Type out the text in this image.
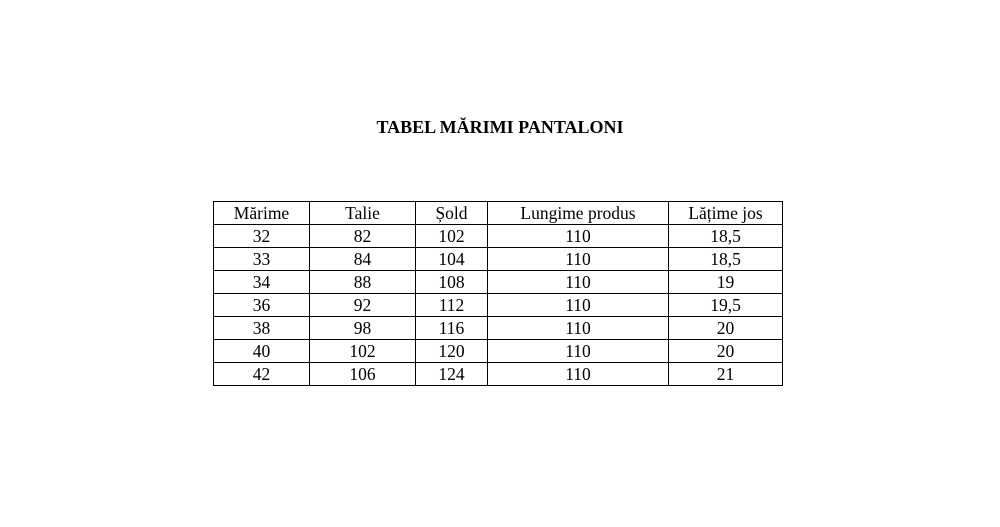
TABEL MĂRIMI PANTALONI
Mărime	Talie	Șold	Lungime produs	Lățime jos
32	82	102	110	18,5
33	84	104	110	18,5
34	88	108	110	19
36	92	112	110	19,5
38	98	116	110	20
40	102	120	110	20
42	106	124	110	21
